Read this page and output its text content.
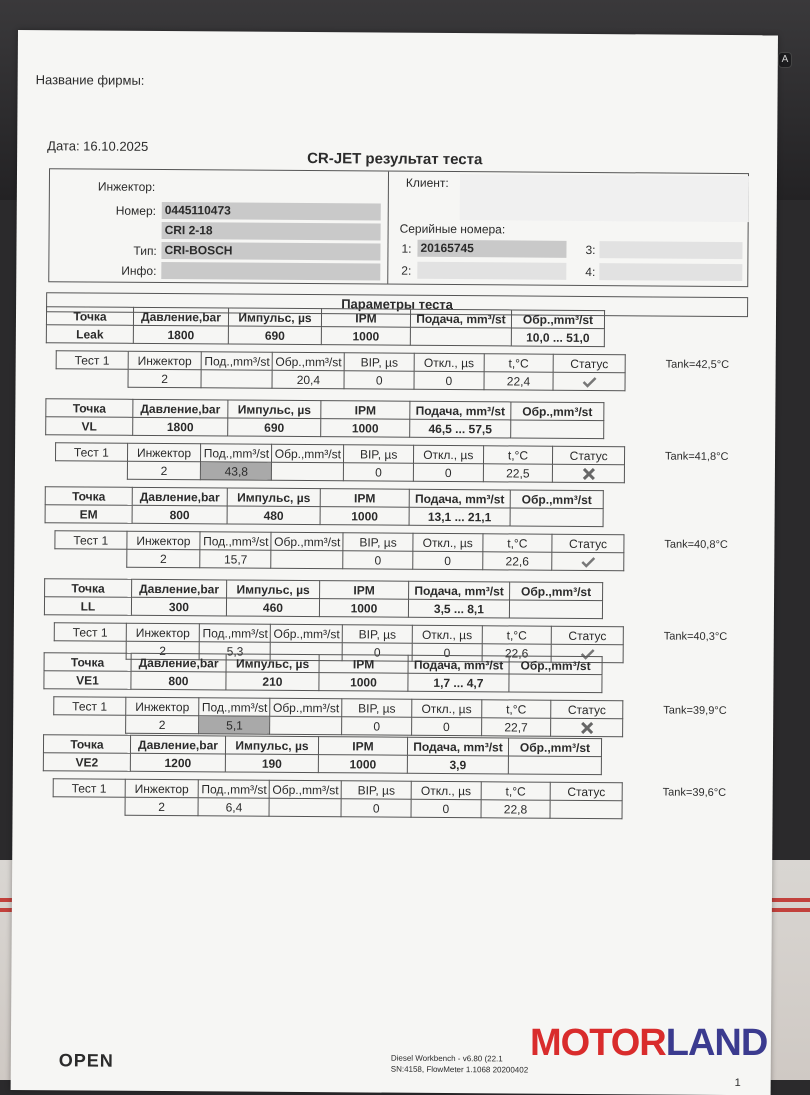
A
Название фирмы:
Дата: 16.10.2025
CR-JET результат теста
Инжектор:
Номер: 0445110473
CRI 2-18
Тип: CRI-BOSCH
Инфо:
Клиент:
Серийные номера:
1: 20165745	3:
2:	4:
Параметры теста
Точка	Давление,bar	Импульс, µs	IPM	Подача, mm³/st	Обр.,mm³/st	
Leak	1800	690	1000		10,0 ... 51,0	
Тест 1	Инжектор	Под.,mm³/st	Обр.,mm³/st	BIP, µs	Откл., µs	t,°C	Статус
	2		20,4	0	0	22,4	
Tank=42,5°C
Точка	Давление,bar	Импульс, µs	IPM	Подача, mm³/st	Обр.,mm³/st	
VL	1800	690	1000	46,5 ... 57,5		
Тест 1	Инжектор	Под.,mm³/st	Обр.,mm³/st	BIP, µs	Откл., µs	t,°C	Статус
	2	43,8		0	0	22,5	
Tank=41,8°C
Точка	Давление,bar	Импульс, µs	IPM	Подача, mm³/st	Обр.,mm³/st	
EM	800	480	1000	13,1 ... 21,1		
Тест 1	Инжектор	Под.,mm³/st	Обр.,mm³/st	BIP, µs	Откл., µs	t,°C	Статус
	2	15,7		0	0	22,6	
Tank=40,8°C
Точка	Давление,bar	Импульс, µs	IPM	Подача, mm³/st	Обр.,mm³/st	
LL	300	460	1000	3,5 ... 8,1		
Тест 1	Инжектор	Под.,mm³/st	Обр.,mm³/st	BIP, µs	Откл., µs	t,°C	Статус
	2	5,3		0	0	22,6	
Tank=40,3°C
Точка	Давление,bar	Импульс, µs	IPM	Подача, mm³/st	Обр.,mm³/st	
VE1	800	210	1000	1,7 ... 4,7		
Тест 1	Инжектор	Под.,mm³/st	Обр.,mm³/st	BIP, µs	Откл., µs	t,°C	Статус
	2	5,1		0	0	22,7	
Tank=39,9°C
Точка	Давление,bar	Импульс, µs	IPM	Подача, mm³/st	Обр.,mm³/st	
VE2	1200	190	1000	3,9		
Тест 1	Инжектор	Под.,mm³/st	Обр.,mm³/st	BIP, µs	Откл., µs	t,°C	Статус
	2	6,4		0	0	22,8	
Tank=39,6°C
OPEN	Diesel Workbench - v6.80 (22.1
SN:4158, FlowMeter 1.1068 20200402
1
MOTORLAND
